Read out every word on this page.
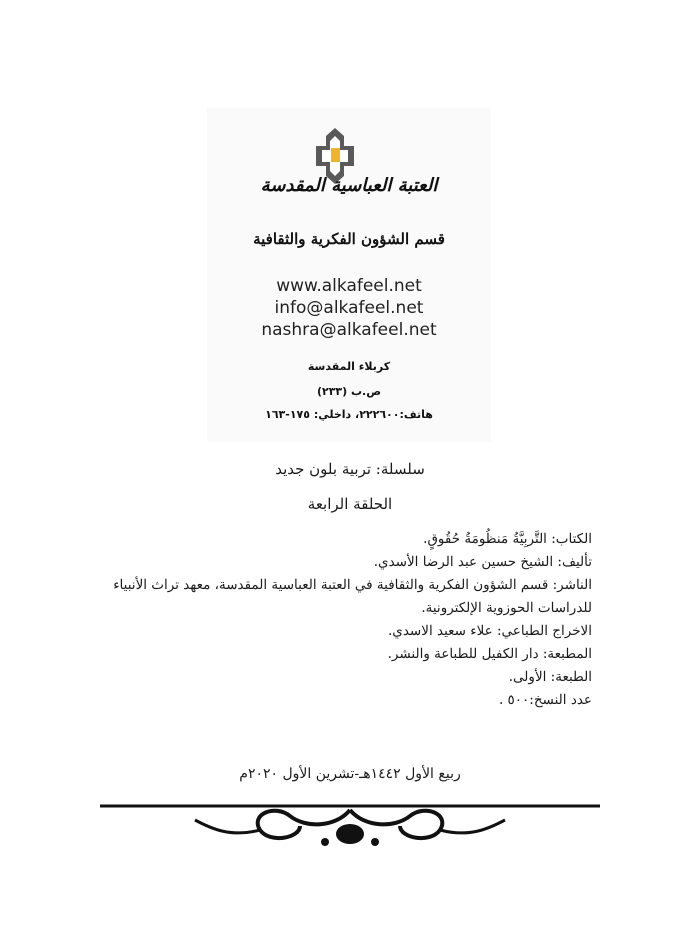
العتبة العباسية المقدسة
قسم الشؤون الفكرية والثقافية
www.alkafeel.net
info@alkafeel.net
nashra@alkafeel.net
كربلاء المقدسة
ص.ب (٢٣٣)
هاتف:٢٢٢٦٠٠، داخلي: ١٧٥-١٦٣
سلسلة: تربية بلون جديد
الحلقة الرابعة
الكتاب: التَّربِيَّةُ مَنظُومَةُ حُقُوقٍ.
تأليف: الشيخ حسين عبد الرضا الأسدي.
الناشر: قسم الشؤون الفكرية والثقافية في العتبة العباسية المقدسة، معهد تراث الأنبياء للدراسات الحوزوية الإلكترونية.
الاخراج الطباعي: علاء سعيد الاسدي.
المطبعة: دار الكفيل للطباعة والنشر.
الطبعة: الأولى.
عدد النسخ:٥٠٠ .
ربيع الأول ١٤٤٢هـ-تشرين الأول ٢٠٢٠م
